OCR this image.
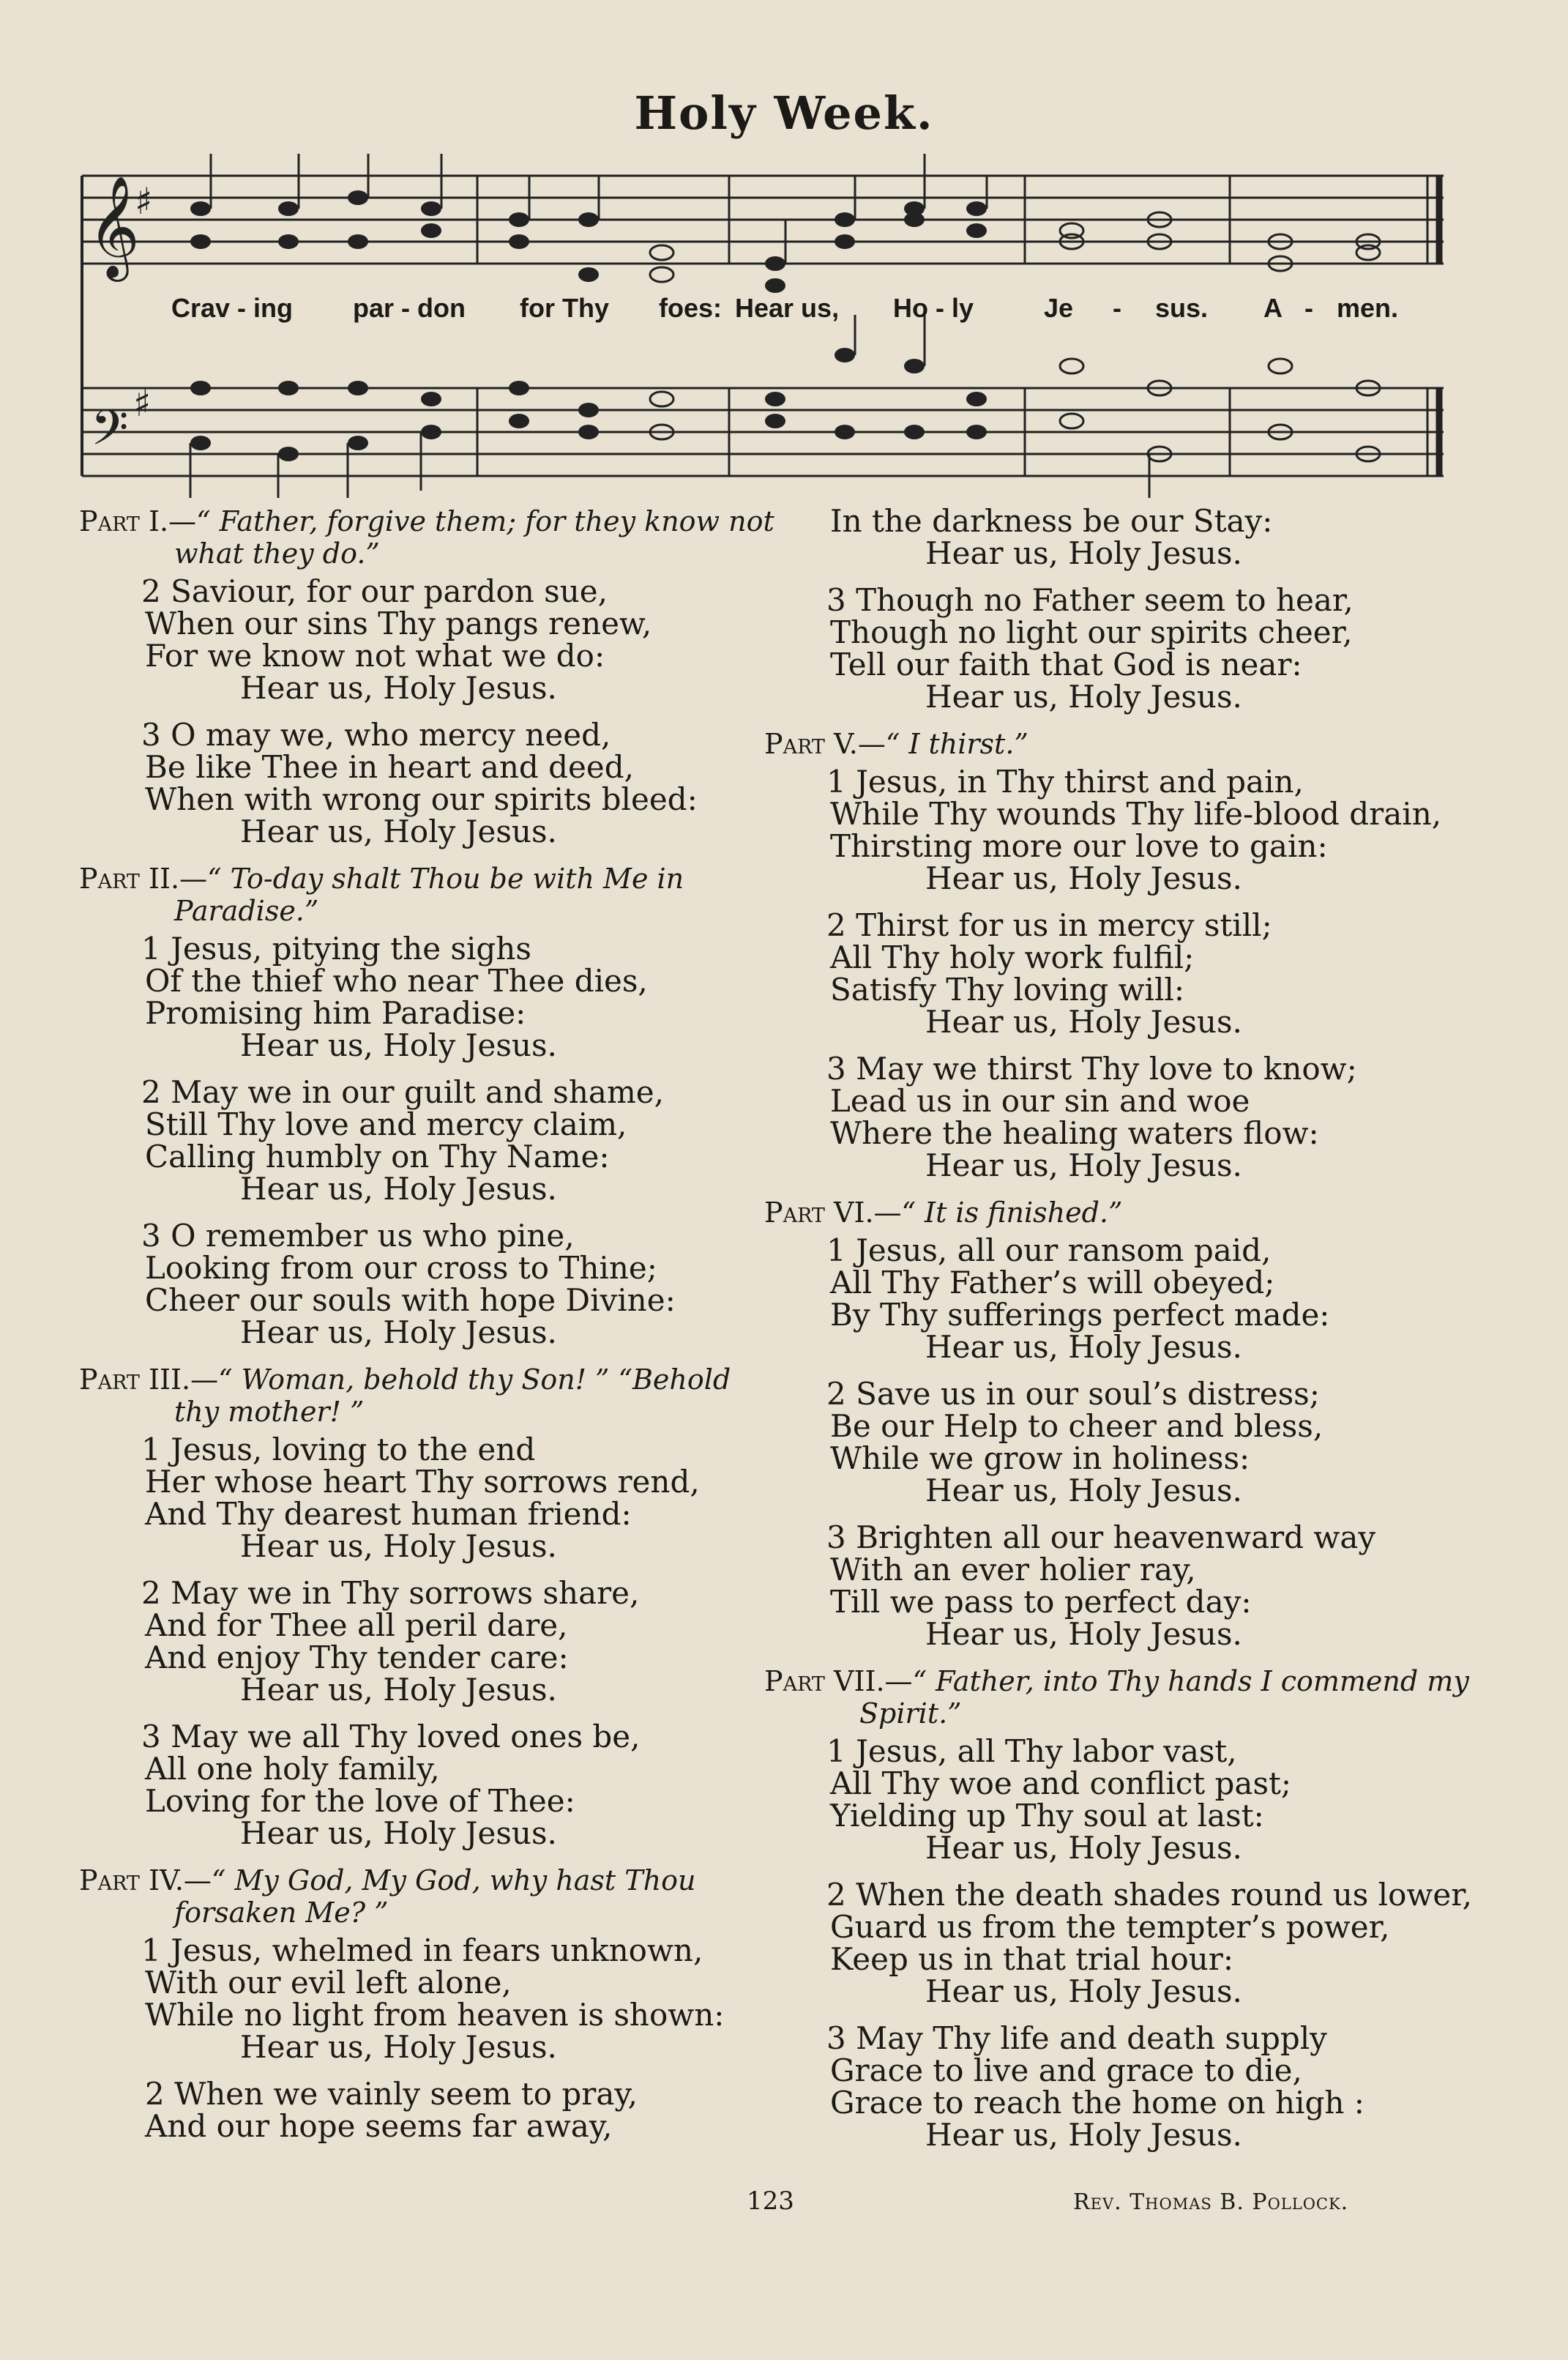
Holy Week.
𝄞
𝄢
♯
♯
Crav - ing par - don for Thy foes: Hear us, Ho - ly	Je - sus. A - men.
Part I.—“ Father, forgive them; for they know not what they do.”
2 Saviour, for our pardon sue,
When our sins Thy pangs renew,
For we know not what we do:
Hear us, Holy Jesus.
3 O may we, who mercy need,
Be like Thee in heart and deed,
When with wrong our spirits bleed:
Hear us, Holy Jesus.
Part II.—“ To-day shalt Thou be with Me in Paradise.”
1 Jesus, pitying the sighs
Of the thief who near Thee dies,
Promising him Paradise:
Hear us, Holy Jesus.
2 May we in our guilt and shame,
Still Thy love and mercy claim,
Calling humbly on Thy Name:
Hear us, Holy Jesus.
3 O remember us who pine,
Looking from our cross to Thine;
Cheer our souls with hope Divine:
Hear us, Holy Jesus.
Part III.—“ Woman, behold thy Son! ” “Behold thy mother! ”
1 Jesus, loving to the end
Her whose heart Thy sorrows rend,
And Thy dearest human friend:
Hear us, Holy Jesus.
2 May we in Thy sorrows share,
And for Thee all peril dare,
And enjoy Thy tender care:
Hear us, Holy Jesus.
3 May we all Thy loved ones be,
All one holy family,
Loving for the love of Thee:
Hear us, Holy Jesus.
Part IV.—“ My God, My God, why hast Thou forsaken Me? ”
1 Jesus, whelmed in fears unknown,
With our evil left alone,
While no light from heaven is shown:
Hear us, Holy Jesus.
2 When we vainly seem to pray,
And our hope seems far away,
In the darkness be our Stay:
Hear us, Holy Jesus.
3 Though no Father seem to hear,
Though no light our spirits cheer,
Tell our faith that God is near:
Hear us, Holy Jesus.
Part V.—“ I thirst.”
1 Jesus, in Thy thirst and pain,
While Thy wounds Thy life-blood drain,
Thirsting more our love to gain:
Hear us, Holy Jesus.
2 Thirst for us in mercy still;
All Thy holy work fulfil;
Satisfy Thy loving will:
Hear us, Holy Jesus.
3 May we thirst Thy love to know;
Lead us in our sin and woe
Where the healing waters flow:
Hear us, Holy Jesus.
Part VI.—“ It is finished.”
1 Jesus, all our ransom paid,
All Thy Father’s will obeyed;
By Thy sufferings perfect made:
Hear us, Holy Jesus.
2 Save us in our soul’s distress;
Be our Help to cheer and bless,
While we grow in holiness:
Hear us, Holy Jesus.
3 Brighten all our heavenward way
With an ever holier ray,
Till we pass to perfect day:
Hear us, Holy Jesus.
Part VII.—“ Father, into Thy hands I commend my Spirit.”
1 Jesus, all Thy labor vast,
All Thy woe and conflict past;
Yielding up Thy soul at last:
Hear us, Holy Jesus.
2 When the death shades round us lower,
Guard us from the tempter’s power,
Keep us in that trial hour:
Hear us, Holy Jesus.
3 May Thy life and death supply
Grace to live and grace to die,
Grace to reach the home on high :
Hear us, Holy Jesus.
123	Rev. Thomas B. Pollock.
